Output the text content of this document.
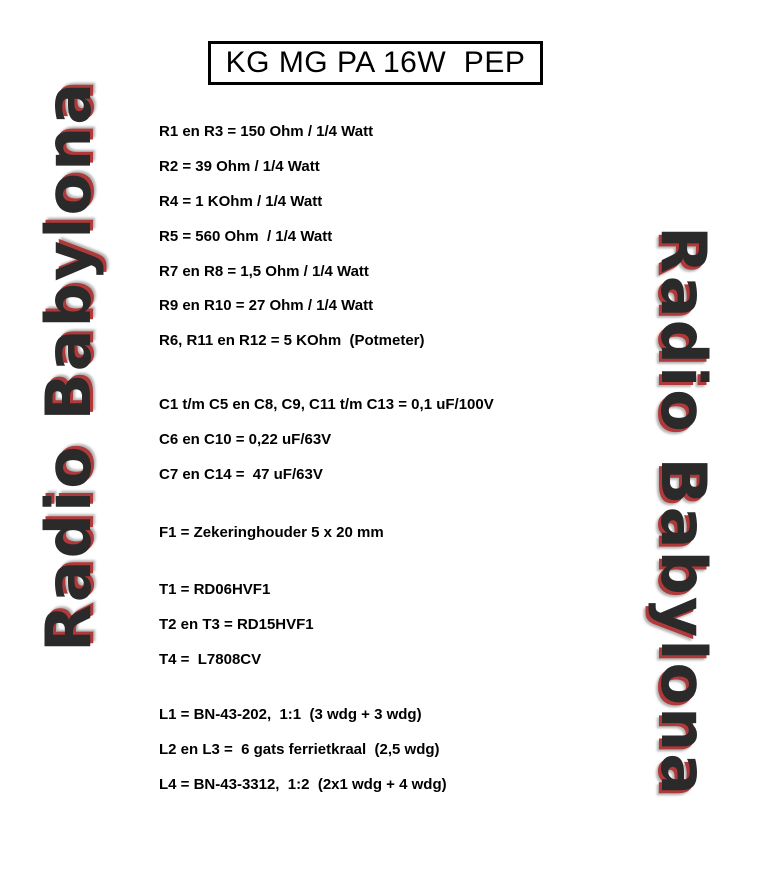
KG MG PA 16W  PEP
Radio Babylona	Radio Babylona
R1 en R3 = 150 Ohm / 1/4 Watt
R2 = 39 Ohm / 1/4 Watt
R4 = 1 KOhm / 1/4 Watt
R5 = 560 Ohm  / 1/4 Watt
R7 en R8 = 1,5 Ohm / 1/4 Watt
R9 en R10 = 27 Ohm / 1/4 Watt
R6, R11 en R12 = 5 KOhm  (Potmeter)
C1 t/m C5 en C8, C9, C11 t/m C13 = 0,1 uF/100V
C6 en C10 = 0,22 uF/63V
C7 en C14 =  47 uF/63V
F1 = Zekeringhouder 5 x 20 mm
T1 = RD06HVF1
T2 en T3 = RD15HVF1
T4 =  L7808CV
L1 = BN-43-202,  1:1  (3 wdg + 3 wdg)
L2 en L3 =  6 gats ferrietkraal  (2,5 wdg)
L4 = BN-43-3312,  1:2  (2x1 wdg + 4 wdg)
